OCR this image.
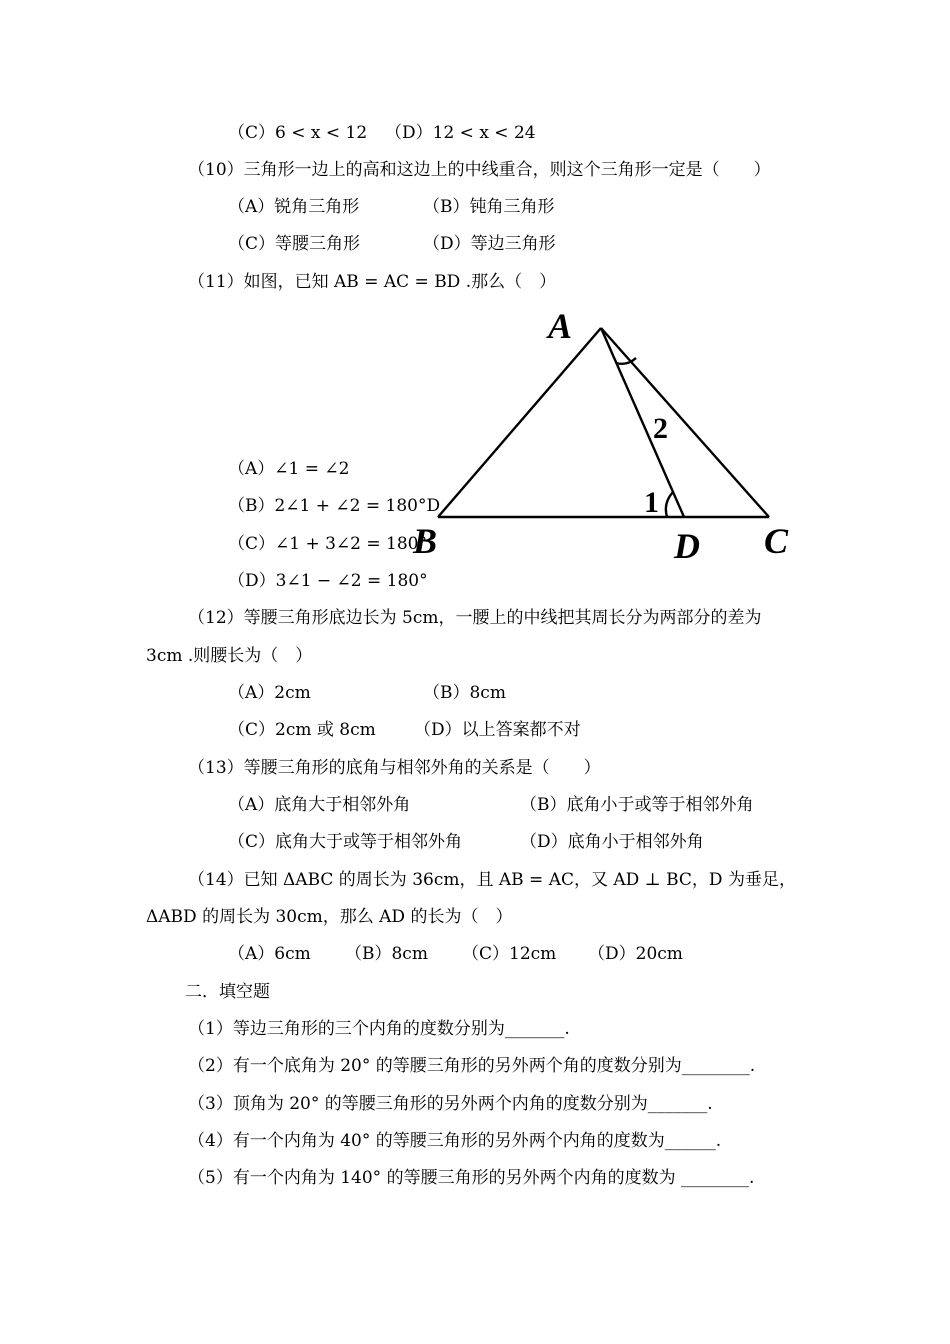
A
B	C
D
1
2
（C）6 < x < 12 （D）12 < x < 24
（10）三角形一边上的高和这边上的中线重合，则这个三角形一定是（　　）
（A）锐角三角形	（B）钝角三角形
（C）等腰三角形	（D）等边三角形
（11）如图，已知 AB = AC = BD .那么（　）
（A）∠1 = ∠2
（B）2∠1 + ∠2 = 180°D
（C）∠1 + 3∠2 = 180°
（D）3∠1 − ∠2 = 180°
（12）等腰三角形底边长为 5cm，一腰上的中线把其周长分为两部分的差为
3cm .则腰长为（　）
（A）2cm	（B）8cm
（C）2cm 或 8cm （D）以上答案都不对
（13）等腰三角形的底角与相邻外角的关系是（　　）
（A）底角大于相邻外角	（B）底角小于或等于相邻外角
（C）底角大于或等于相邻外角	（D）底角小于相邻外角
（14）已知 ΔABC 的周长为 36cm，且 AB = AC，又 AD ⊥ BC，D 为垂足，
ΔABD 的周长为 30cm，那么 AD 的长为（　）
（A）6cm （B）8cm （C）12cm （D）20cm
二．填空题
（1）等边三角形的三个内角的度数分别为_______.
（2）有一个底角为 20° 的等腰三角形的另外两个角的度数分别为________.
（3）顶角为 20° 的等腰三角形的另外两个内角的度数分别为_______.
（4）有一个内角为 40° 的等腰三角形的另外两个内角的度数为______.
（5）有一个内角为 140° 的等腰三角形的另外两个内角的度数为 ________.
